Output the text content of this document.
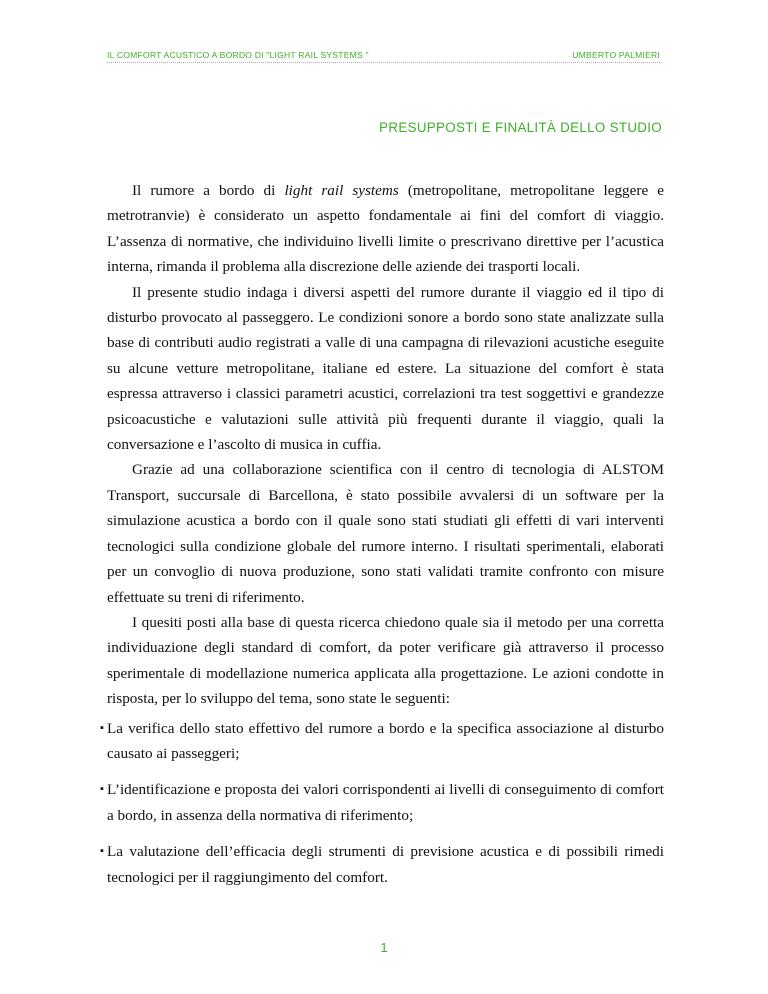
IL COMFORT ACUSTICO A BORDO DI "LIGHT RAIL SYSTEMS "	UMBERTO PALMIERI
PRESUPPOSTI E FINALITÀ DELLO STUDIO

Il rumore a bordo di light rail systems (metropolitane, metropolitane leggere e metrotranvie) è considerato un aspetto fondamentale ai fini del comfort di viaggio. L’assenza di normative, che individuino livelli limite o prescrivano direttive per l’acustica interna, rimanda il problema alla discrezione delle aziende dei trasporti locali.

Il presente studio indaga i diversi aspetti del rumore durante il viaggio ed il tipo di disturbo provocato al passeggero. Le condizioni sonore a bordo sono state analizzate sulla base di contributi audio registrati a valle di una campagna di rilevazioni acustiche eseguite su alcune vetture metropolitane, italiane ed estere. La situazione del comfort è stata espressa attraverso i classici parametri acustici, correlazioni tra test soggettivi e grandezze psicoacustiche e valutazioni sulle attività più frequenti durante il viaggio, quali la conversazione e l’ascolto di musica in cuffia.

Grazie ad una collaborazione scientifica con il centro di tecnologia di ALSTOM Transport, succursale di Barcellona, è stato possibile avvalersi di un software per la simulazione acustica a bordo con il quale sono stati studiati gli effetti di vari interventi tecnologici sulla condizione globale del rumore interno. I risultati sperimentali, elaborati per un convoglio di nuova produzione, sono stati validati tramite confronto con misure effettuate su treni di riferimento.

I quesiti posti alla base di questa ricerca chiedono quale sia il metodo per una corretta individuazione degli standard di comfort, da poter verificare già attraverso il processo sperimentale di modellazione numerica applicata alla progettazione. Le azioni condotte in risposta, per lo sviluppo del tema, sono state le seguenti:

▪ La verifica dello stato effettivo del rumore a bordo e la specifica associazione al disturbo causato ai passeggeri;
▪ L’identificazione e proposta dei valori corrispondenti ai livelli di conseguimento di comfort a bordo, in assenza della normativa di riferimento;
▪ La valutazione dell’efficacia degli strumenti di previsione acustica e di possibili rimedi tecnologici per il raggiungimento del comfort.
1
